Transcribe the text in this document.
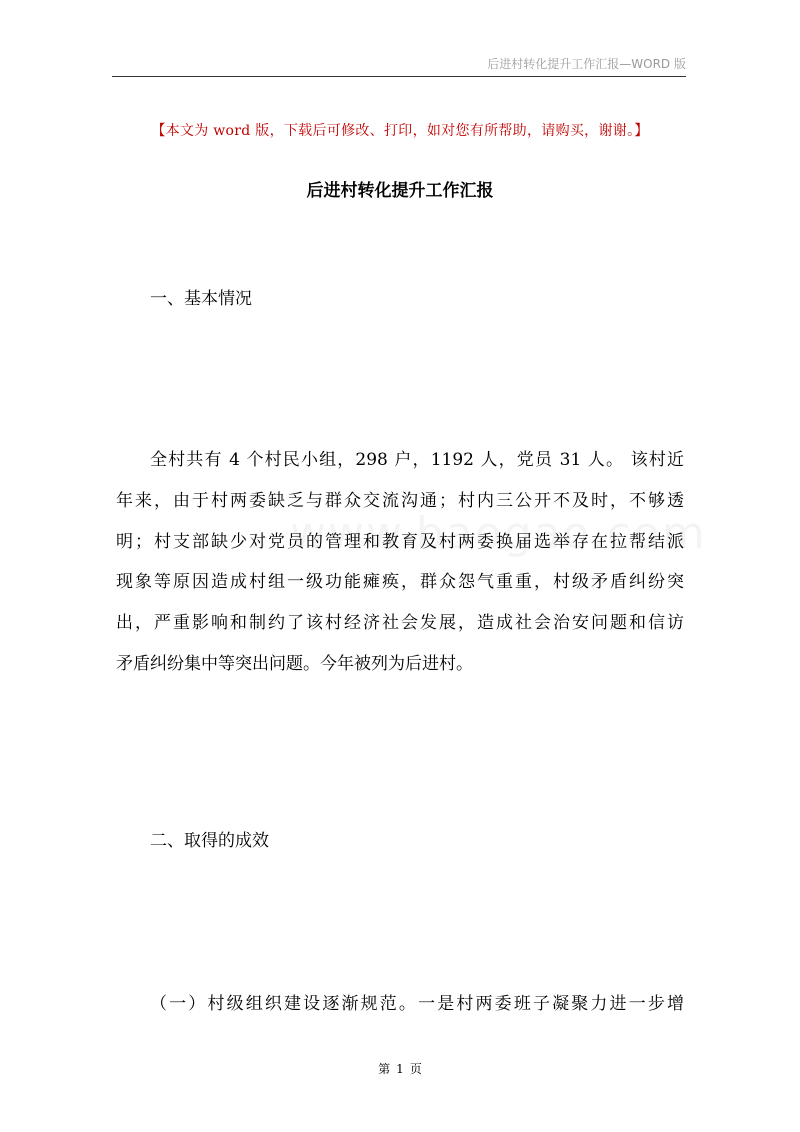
后进村转化提升工作汇报—WORD 版
【本文为 word 版，下载后可修改、打印，如对您有所帮助，请购买，谢谢。】
后进村转化提升工作汇报
一、基本情况
全村共有 4 个村民小组，298 户，1192 人，党员 31 人。 该村近
年来，由于村两委缺乏与群众交流沟通；村内三公开不及时，不够透
明；村支部缺少对党员的管理和教育及村两委换届选举存在拉帮结派
现象等原因造成村组一级功能瘫痪，群众怨气重重，村级矛盾纠纷突
出，严重影响和制约了该村经济社会发展，造成社会治安问题和信访
矛盾纠纷集中等突出问题。今年被列为后进村。
二、取得的成效
（一）村级组织建设逐渐规范。一是村两委班子凝聚力进一步增
第 1 页
